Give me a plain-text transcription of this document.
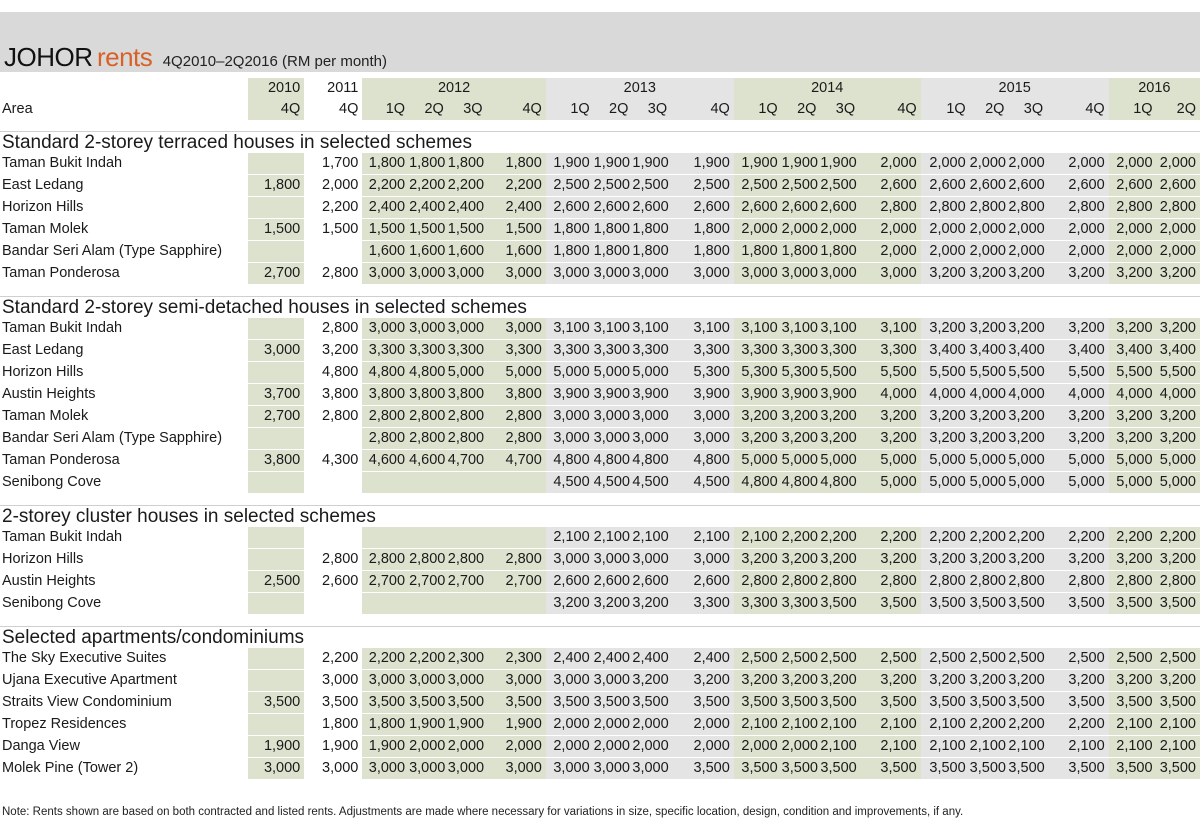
JOHOR rents 4Q2010–2Q2016 (RM per month)
	2010	2011	2012				2013				2014				2015				2016	
Area	4Q	4Q	1Q	2Q	3Q	4Q	1Q	2Q	3Q	4Q	1Q	2Q	3Q	4Q	1Q	2Q	3Q	4Q	1Q	2Q

Standard 2-storey terraced houses in selected schemes																				
Taman Bukit Indah		1,700	1,800	1,800	1,800	1,800	1,900	1,900	1,900	1,900	1,900	1,900	1,900	2,000	2,000	2,000	2,000	2,000	2,000	2,000
East Ledang	1,800	2,000	2,200	2,200	2,200	2,200	2,500	2,500	2,500	2,500	2,500	2,500	2,500	2,600	2,600	2,600	2,600	2,600	2,600	2,600
Horizon Hills		2,200	2,400	2,400	2,400	2,400	2,600	2,600	2,600	2,600	2,600	2,600	2,600	2,800	2,800	2,800	2,800	2,800	2,800	2,800
Taman Molek	1,500	1,500	1,500	1,500	1,500	1,500	1,800	1,800	1,800	1,800	2,000	2,000	2,000	2,000	2,000	2,000	2,000	2,000	2,000	2,000
Bandar Seri Alam (Type Sapphire)			1,600	1,600	1,600	1,600	1,800	1,800	1,800	1,800	1,800	1,800	1,800	2,000	2,000	2,000	2,000	2,000	2,000	2,000
Taman Ponderosa	2,700	2,800	3,000	3,000	3,000	3,000	3,000	3,000	3,000	3,000	3,000	3,000	3,000	3,000	3,200	3,200	3,200	3,200	3,200	3,200

Standard 2-storey semi-detached houses in selected schemes																				
Taman Bukit Indah		2,800	3,000	3,000	3,000	3,000	3,100	3,100	3,100	3,100	3,100	3,100	3,100	3,100	3,200	3,200	3,200	3,200	3,200	3,200
East Ledang	3,000	3,200	3,300	3,300	3,300	3,300	3,300	3,300	3,300	3,300	3,300	3,300	3,300	3,300	3,400	3,400	3,400	3,400	3,400	3,400
Horizon Hills		4,800	4,800	4,800	5,000	5,000	5,000	5,000	5,000	5,300	5,300	5,300	5,500	5,500	5,500	5,500	5,500	5,500	5,500	5,500
Austin Heights	3,700	3,800	3,800	3,800	3,800	3,800	3,900	3,900	3,900	3,900	3,900	3,900	3,900	4,000	4,000	4,000	4,000	4,000	4,000	4,000
Taman Molek	2,700	2,800	2,800	2,800	2,800	2,800	3,000	3,000	3,000	3,000	3,200	3,200	3,200	3,200	3,200	3,200	3,200	3,200	3,200	3,200
Bandar Seri Alam (Type Sapphire)			2,800	2,800	2,800	2,800	3,000	3,000	3,000	3,000	3,200	3,200	3,200	3,200	3,200	3,200	3,200	3,200	3,200	3,200
Taman Ponderosa	3,800	4,300	4,600	4,600	4,700	4,700	4,800	4,800	4,800	4,800	5,000	5,000	5,000	5,000	5,000	5,000	5,000	5,000	5,000	5,000
Senibong Cove							4,500	4,500	4,500	4,500	4,800	4,800	4,800	5,000	5,000	5,000	5,000	5,000	5,000	5,000

2-storey cluster houses in selected schemes																				
Taman Bukit Indah							2,100	2,100	2,100	2,100	2,100	2,200	2,200	2,200	2,200	2,200	2,200	2,200	2,200	2,200
Horizon Hills		2,800	2,800	2,800	2,800	2,800	3,000	3,000	3,000	3,000	3,200	3,200	3,200	3,200	3,200	3,200	3,200	3,200	3,200	3,200
Austin Heights	2,500	2,600	2,700	2,700	2,700	2,700	2,600	2,600	2,600	2,600	2,800	2,800	2,800	2,800	2,800	2,800	2,800	2,800	2,800	2,800
Senibong Cove							3,200	3,200	3,200	3,300	3,300	3,300	3,500	3,500	3,500	3,500	3,500	3,500	3,500	3,500

Selected apartments/condominiums																				
The Sky Executive Suites		2,200	2,200	2,200	2,300	2,300	2,400	2,400	2,400	2,400	2,500	2,500	2,500	2,500	2,500	2,500	2,500	2,500	2,500	2,500
Ujana Executive Apartment		3,000	3,000	3,000	3,000	3,000	3,000	3,000	3,200	3,200	3,200	3,200	3,200	3,200	3,200	3,200	3,200	3,200	3,200	3,200
Straits View Condominium	3,500	3,500	3,500	3,500	3,500	3,500	3,500	3,500	3,500	3,500	3,500	3,500	3,500	3,500	3,500	3,500	3,500	3,500	3,500	3,500
Tropez Residences		1,800	1,800	1,900	1,900	1,900	2,000	2,000	2,000	2,000	2,100	2,100	2,100	2,100	2,100	2,200	2,200	2,200	2,100	2,100
Danga View	1,900	1,900	1,900	2,000	2,000	2,000	2,000	2,000	2,000	2,000	2,000	2,000	2,100	2,100	2,100	2,100	2,100	2,100	2,100	2,100
Molek Pine (Tower 2)	3,000	3,000	3,000	3,000	3,000	3,000	3,000	3,000	3,000	3,500	3,500	3,500	3,500	3,500	3,500	3,500	3,500	3,500	3,500	3,500
Note: Rents shown are based on both contracted and listed rents. Adjustments are made where necessary for variations in size, specific location, design, condition and improvements, if any.
